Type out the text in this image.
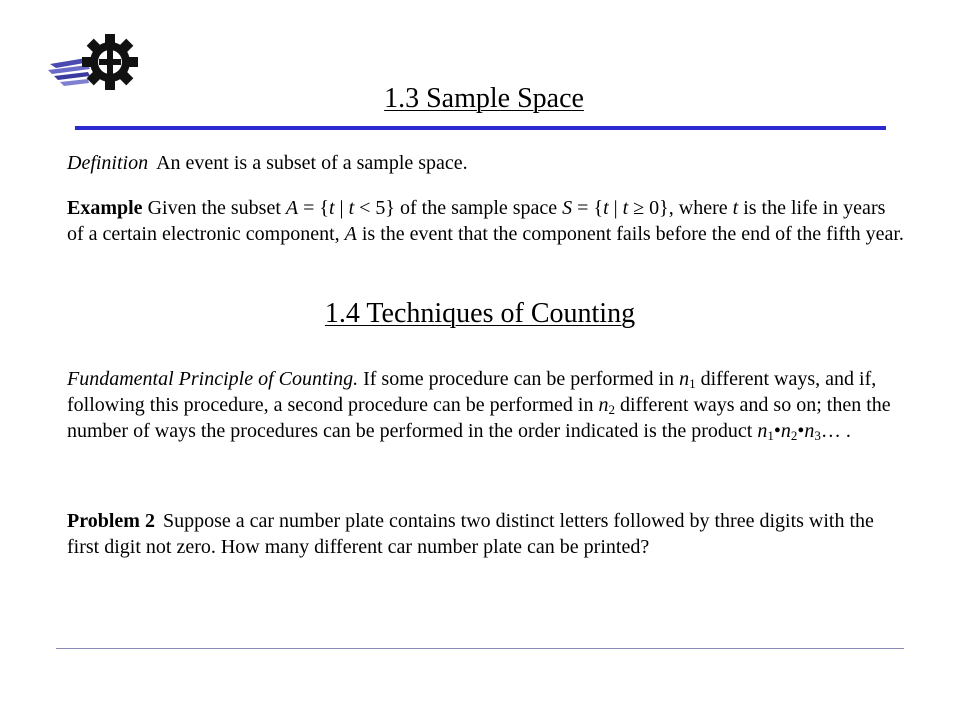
1.3 Sample Space

Definition An event is a subset of a sample space.

Example Given the subset A = {t | t < 5} of the sample space S = {t | t ≥ 0}, where t is the life in years of a certain electronic component, A is the event that the component fails before the end of the fifth year.

1.4 Techniques of Counting

Fundamental Principle of Counting. If some procedure can be performed in $n_1$ different ways, and if, following this procedure, a second procedure can be performed in $n_2$ different ways and so on; then the number of ways the procedures can be performed in the order indicated is the product $n_1•n_2•n_3\dots$ .

Problem 2 Suppose a car number plate contains two distinct letters followed by three digits with the first digit not zero. How many different car number plate can be printed?
